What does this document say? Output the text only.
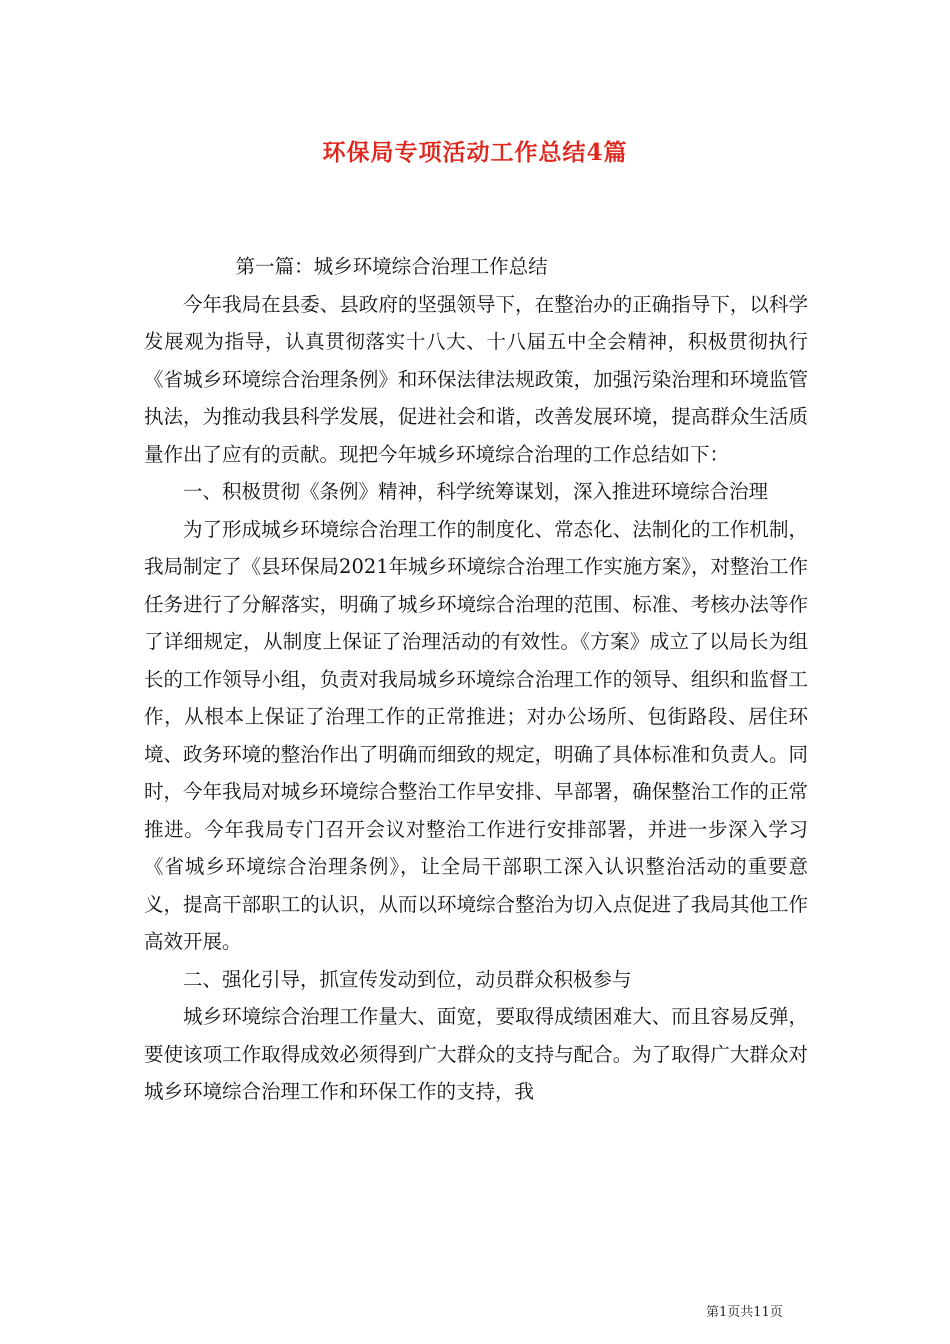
环保局专项活动工作总结4篇

第一篇：城乡环境综合治理工作总结

今年我局在县委、县政府的坚强领导下，在整治办的正确指导下，以科学发展观为指导，认真贯彻落实十八大、十八届五中全会精神，积极贯彻执行《省城乡环境综合治理条例》和环保法律法规政策，加强污染治理和环境监管执法，为推动我县科学发展，促进社会和谐，改善发展环境，提高群众生活质量作出了应有的贡献。现把今年城乡环境综合治理的工作总结如下：

一、积极贯彻《条例》精神，科学统筹谋划，深入推进环境综合治理

为了形成城乡环境综合治理工作的制度化、常态化、法制化的工作机制，我局制定了《县环保局2021年城乡环境综合治理工作实施方案》，对整治工作任务进行了分解落实，明确了城乡环境综合治理的范围、标准、考核办法等作了详细规定，从制度上保证了治理活动的有效性。《方案》成立了以局长为组长的工作领导小组，负责对我局城乡环境综合治理工作的领导、组织和监督工作，从根本上保证了治理工作的正常推进；对办公场所、包街路段、居住环境、政务环境的整治作出了明确而细致的规定，明确了具体标准和负责人。同时，今年我局对城乡环境综合整治工作早安排、早部署，确保整治工作的正常推进。今年我局专门召开会议对整治工作进行安排部署，并进一步深入学习《省城乡环境综合治理条例》，让全局干部职工深入认识整治活动的重要意义，提高干部职工的认识，从而以环境综合整治为切入点促进了我局其他工作高效开展。

二、强化引导，抓宣传发动到位，动员群众积极参与

城乡环境综合治理工作量大、面宽，要取得成绩困难大、而且容易反弹，要使该项工作取得成效必须得到广大群众的支持与配合。为了取得广大群众对城乡环境综合治理工作和环保工作的支持，我

第1页共11页
